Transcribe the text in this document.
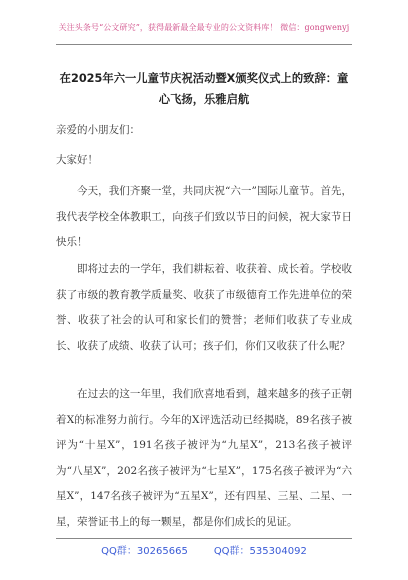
关注头条号“公文研究”，获得最新最全最专业的公文资料库！ 微信：gongwenyj
在2025年六一儿童节庆祝活动暨X颁奖仪式上的致辞：童心飞扬，乐雅启航
亲爱的小朋友们：
大家好！
今天，我们齐聚一堂，共同庆祝“六一”国际儿童节。首先，我代表学校全体教职工，向孩子们致以节日的问候，祝大家节日快乐！
即将过去的一学年，我们耕耘着、收获着、成长着。学校收获了市级的教育教学质量奖、收获了市级德育工作先进单位的荣誉、收获了社会的认可和家长们的赞誉；老师们收获了专业成长、收获了成绩、收获了认可；孩子们，你们又收获了什么呢？
在过去的这一年里，我们欣喜地看到，越来越多的孩子正朝着X的标准努力前行。今年的X评选活动已经揭晓，89名孩子被评为“十星X”，191名孩子被评为“九星X”，213名孩子被评为“八星X”，202名孩子被评为“七星X”，175名孩子被评为“六星X”，147名孩子被评为“五星X”，还有四星、三星、二星、一星，荣誉证书上的每一颗星，都是你们成长的见证。
QQ群：30265665	QQ群：535304092
